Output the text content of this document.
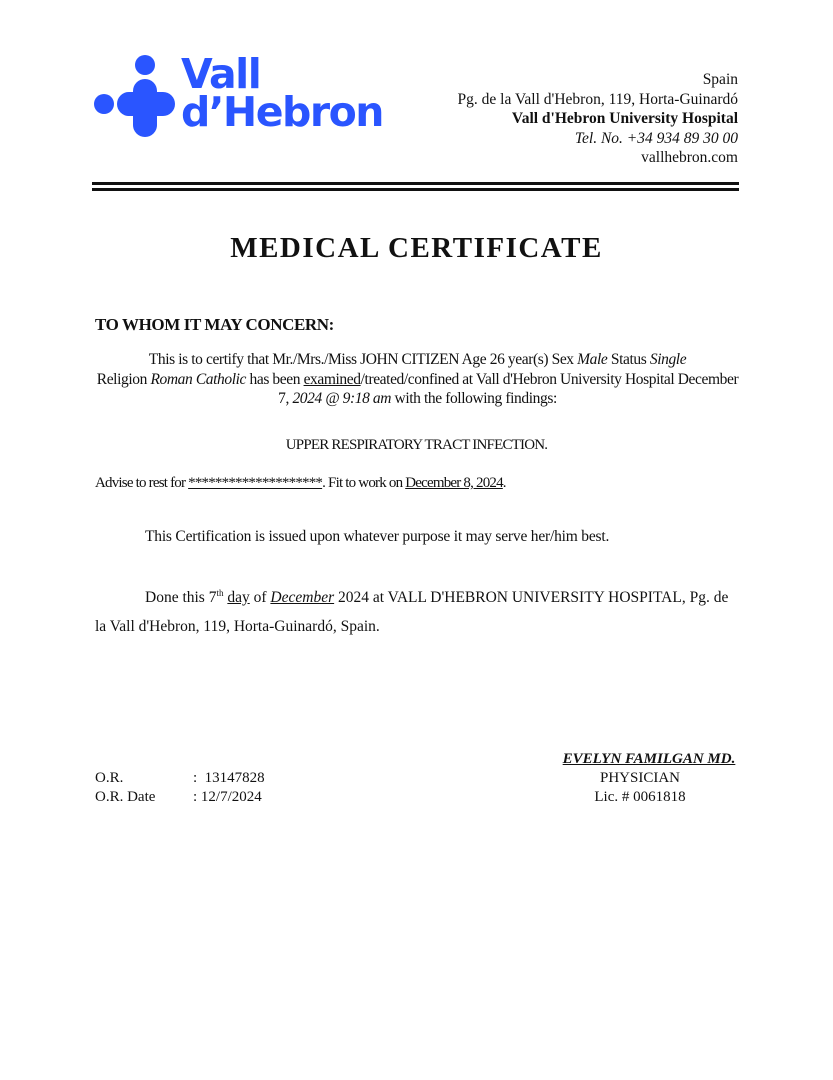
Vall
d’Hebron
Spain
Pg. de la Vall d'Hebron, 119, Horta-Guinardó
Vall d'Hebron University Hospital
Tel. No. +34 934 89 30 00
vallhebron.com
MEDICAL CERTIFICATE
TO WHOM IT MAY CONCERN:
This is to certify that Mr./Mrs./Miss JOHN CITIZEN Age 26 year(s) Sex Male Status Single
Religion Roman Catholic has been examined/treated/confined at Vall d'Hebron University Hospital December 7, 2024 @ 9:18 am with the following findings:
UPPER RESPIRATORY TRACT INFECTION.
Advise to rest for ********************. Fit to work on December 8, 2024.
This Certification is issued upon whatever purpose it may serve her/him best.
Done this 7th day of December 2024 at VALL D'HEBRON UNIVERSITY HOSPITAL, Pg. de la Vall d'Hebron, 119, Horta-Guinardó, Spain.
O.R.	:  13147828
O.R. Date	: 12/7/2024
EVELYN FAMILGAN MD.
PHYSICIAN
Lic. # 0061818
